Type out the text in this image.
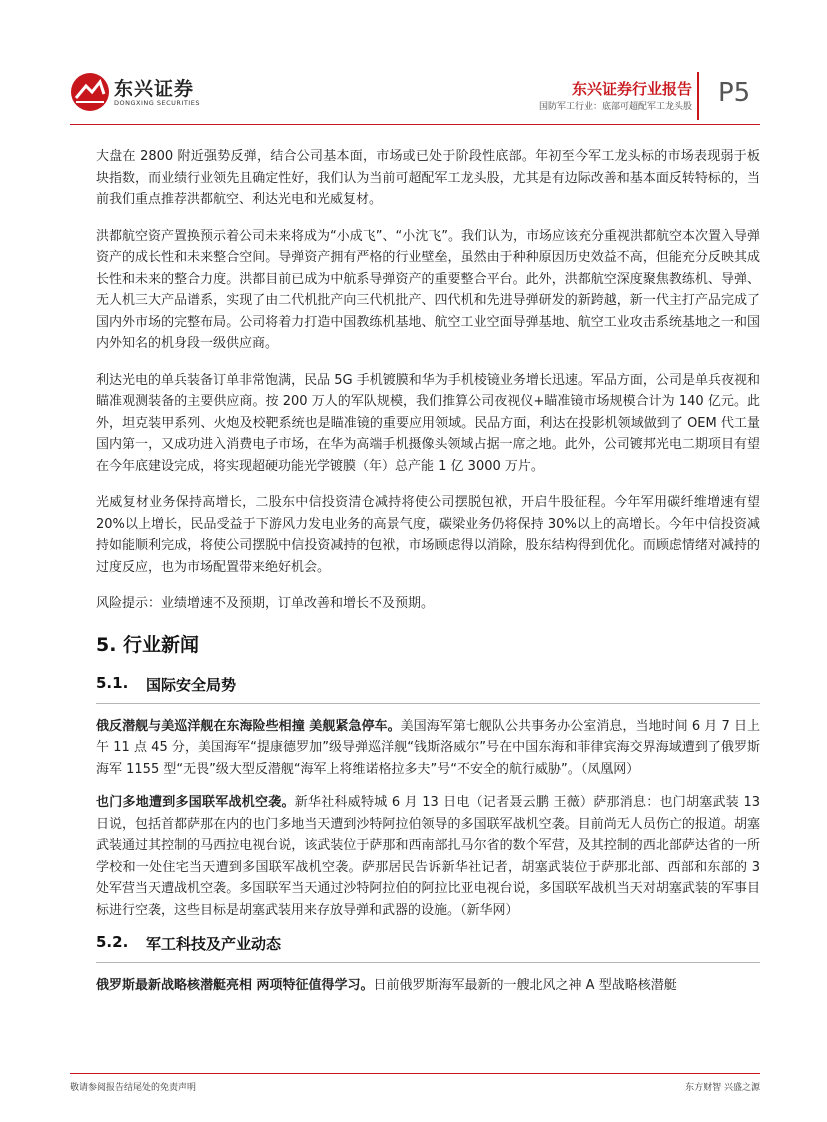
东兴证券
DONGXING SECURITIES
东兴证券行业报告
国防军工行业：底部可超配军工龙头股 P5

大盘在 2800 附近强势反弹，结合公司基本面，市场或已处于阶段性底部。年初至今军工龙头标的市场表现弱于板块指数，而业绩行业领先且确定性好，我们认为当前可超配军工龙头股，尤其是有边际改善和基本面反转特标的，当前我们重点推荐洪都航空、利达光电和光威复材。

洪都航空资产置换预示着公司未来将成为“小成飞”、“小沈飞”。我们认为，市场应该充分重视洪都航空本次置入导弹资产的成长性和未来整合空间。导弹资产拥有严格的行业壁垒，虽然由于种种原因历史效益不高，但能充分反映其成长性和未来的整合力度。洪都目前已成为中航系导弹资产的重要整合平台。此外，洪都航空深度聚焦教练机、导弹、无人机三大产品谱系，实现了由二代机批产向三代机批产、四代机和先进导弹研发的新跨越，新一代主打产品完成了国内外市场的完整布局。公司将着力打造中国教练机基地、航空工业空面导弹基地、航空工业攻击系统基地之一和国内外知名的机身段一级供应商。

利达光电的单兵装备订单非常饱满，民品 5G 手机镀膜和华为手机棱镜业务增长迅速。军品方面，公司是单兵夜视和瞄准观测装备的主要供应商。按 200 万人的军队规模，我们推算公司夜视仪+瞄准镜市场规模合计为 140 亿元。此外，坦克装甲系列、火炮及校靶系统也是瞄准镜的重要应用领域。民品方面，利达在投影机领域做到了 OEM 代工量国内第一，又成功进入消费电子市场，在华为高端手机摄像头领域占据一席之地。此外，公司镀邦光电二期项目有望在今年底建设完成，将实现超硬功能光学镀膜（年）总产能 1 亿 3000 万片。

光威复材业务保持高增长，二股东中信投资清仓减持将使公司摆脱包袱，开启牛股征程。今年军用碳纤维增速有望 20%以上增长，民品受益于下游风力发电业务的高景气度，碳梁业务仍将保持 30%以上的高增长。今年中信投资减持如能顺利完成，将使公司摆脱中信投资减持的包袱，市场顾虑得以消除，股东结构得到优化。而顾虑情绪对减持的过度反应，也为市场配置带来绝好机会。

风险提示：业绩增速不及预期，订单改善和增长不及预期。

5. 行业新闻
5.1.	国际安全局势

俄反潜舰与美巡洋舰在东海险些相撞 美舰紧急停车。美国海军第七舰队公共事务办公室消息，当地时间 6 月 7 日上午 11 点 45 分，美国海军“提康德罗加”级导弹巡洋舰“钱斯洛威尔”号在中国东海和菲律宾海交界海域遭到了俄罗斯海军 1155 型“无畏”级大型反潜舰“海军上将维诺格拉多夫”号“不安全的航行威胁”。（凤凰网）

也门多地遭到多国联军战机空袭。新华社科威特城 6 月 13 日电（记者聂云鹏 王薇）萨那消息：也门胡塞武装 13 日说，包括首都萨那在内的也门多地当天遭到沙特阿拉伯领导的多国联军战机空袭。目前尚无人员伤亡的报道。胡塞武装通过其控制的马西拉电视台说，该武装位于萨那和西南部扎马尔省的数个军营，及其控制的西北部萨达省的一所学校和一处住宅当天遭到多国联军战机空袭。萨那居民告诉新华社记者，胡塞武装位于萨那北部、西部和东部的 3 处军营当天遭战机空袭。多国联军当天通过沙特阿拉伯的阿拉比亚电视台说，多国联军战机当天对胡塞武装的军事目标进行空袭，这些目标是胡塞武装用来存放导弹和武器的设施。（新华网）

5.2.	军工科技及产业动态

俄罗斯最新战略核潜艇亮相 两项特征值得学习。日前俄罗斯海军最新的一艘北风之神 A 型战略核潜艇

敬请参阅报告结尾处的免责声明	东方财智 兴盛之源
